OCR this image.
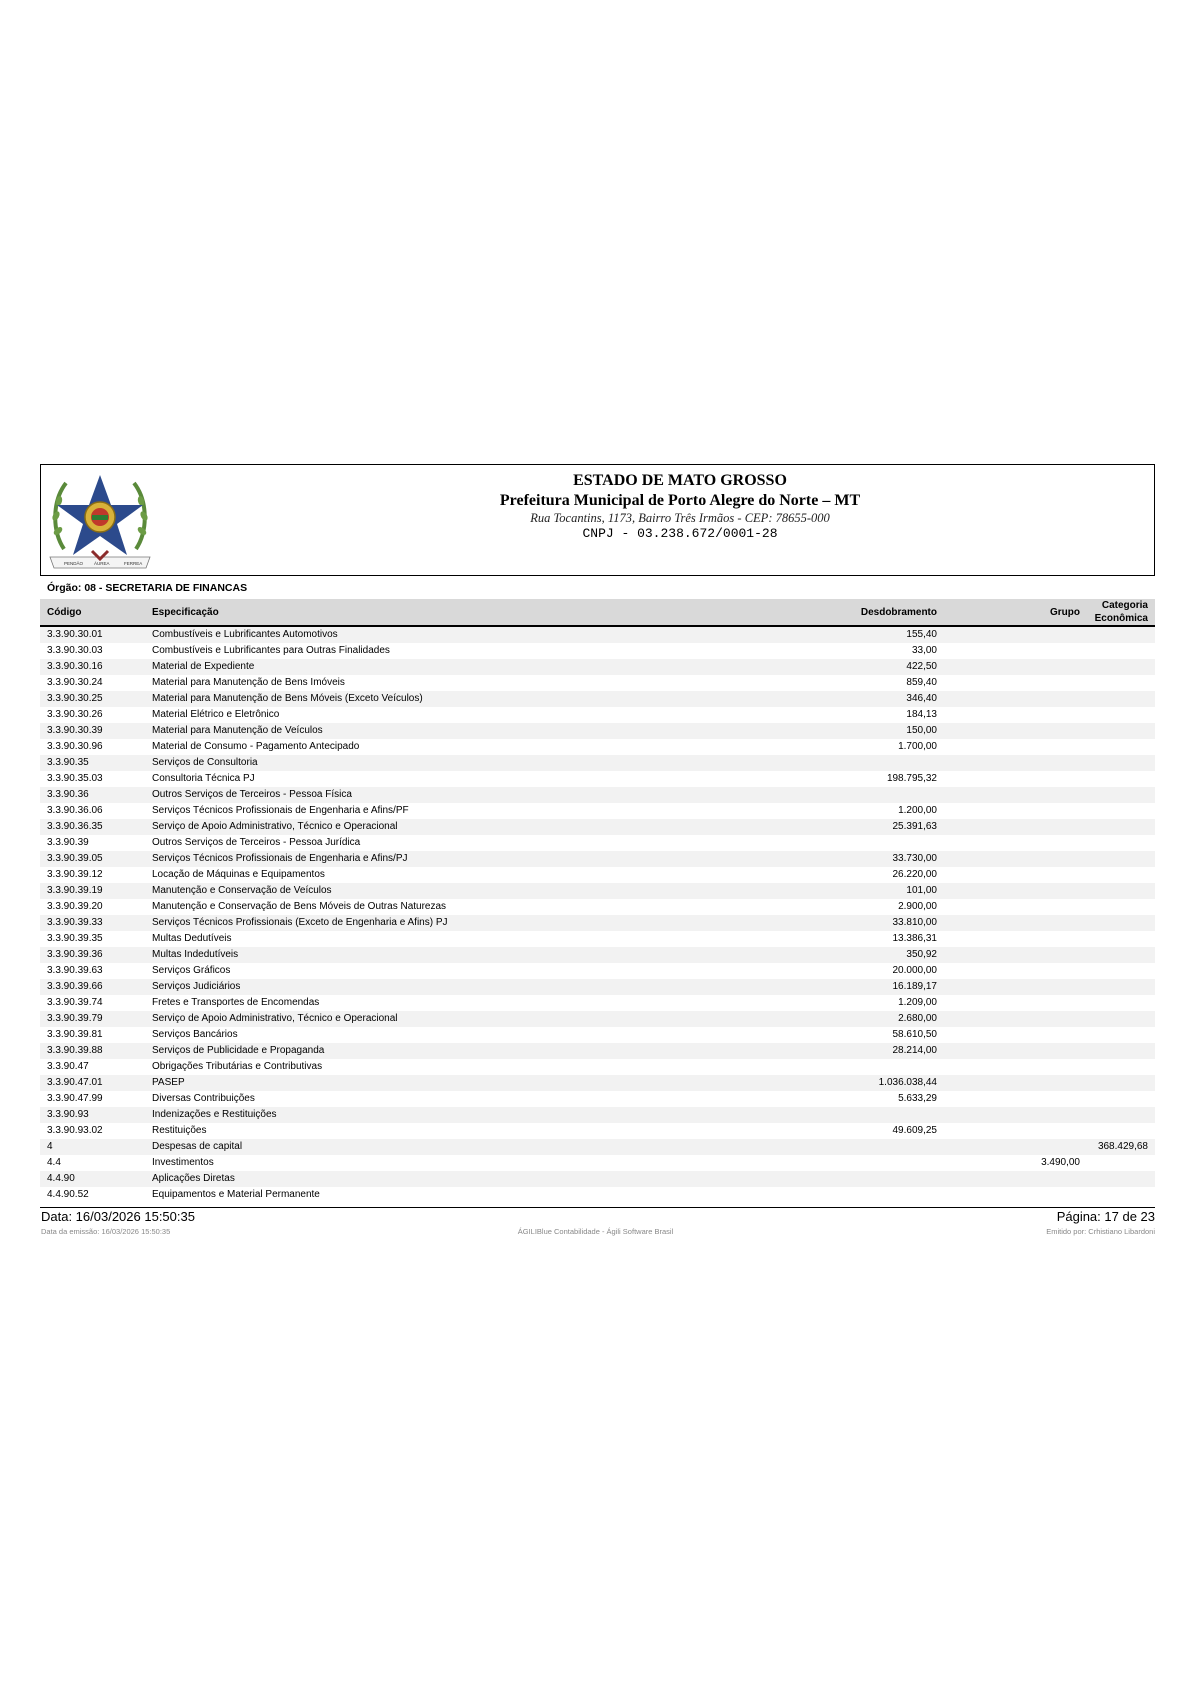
PENDÃO ÁUREA	FERREA
ESTADO DE MATO GROSSO
Prefeitura Municipal de Porto Alegre do Norte – MT
Rua Tocantins, 1173, Bairro Três Irmãos - CEP: 78655-000
CNPJ - 03.238.672/0001-28
Órgão: 08 - SECRETARIA DE FINANCAS
Código	Especificação	Desdobramento	Grupo	Categoria Econômica
3.3.90.30.01	Combustíveis e Lubrificantes Automotivos	155,40		
3.3.90.30.03	Combustíveis e Lubrificantes para Outras Finalidades	33,00		
3.3.90.30.16	Material de Expediente	422,50		
3.3.90.30.24	Material para Manutenção de Bens Imóveis	859,40		
3.3.90.30.25	Material para Manutenção de Bens Móveis (Exceto Veículos)	346,40		
3.3.90.30.26	Material Elétrico e Eletrônico	184,13		
3.3.90.30.39	Material para Manutenção de Veículos	150,00		
3.3.90.30.96	Material de Consumo - Pagamento Antecipado	1.700,00		
3.3.90.35	Serviços de Consultoria			
3.3.90.35.03	Consultoria Técnica PJ	198.795,32		
3.3.90.36	Outros Serviços de Terceiros - Pessoa Física			
3.3.90.36.06	Serviços Técnicos Profissionais de Engenharia e Afins/PF	1.200,00		
3.3.90.36.35	Serviço de Apoio Administrativo, Técnico e Operacional	25.391,63		
3.3.90.39	Outros Serviços de Terceiros - Pessoa Jurídica			
3.3.90.39.05	Serviços Técnicos Profissionais de Engenharia e Afins/PJ	33.730,00		
3.3.90.39.12	Locação de Máquinas e Equipamentos	26.220,00		
3.3.90.39.19	Manutenção e Conservação de Veículos	101,00		
3.3.90.39.20	Manutenção e Conservação de Bens Móveis de Outras Naturezas	2.900,00		
3.3.90.39.33	Serviços Técnicos Profissionais (Exceto de Engenharia e Afins) PJ	33.810,00		
3.3.90.39.35	Multas Dedutíveis	13.386,31		
3.3.90.39.36	Multas Indedutíveis	350,92		
3.3.90.39.63	Serviços Gráficos	20.000,00		
3.3.90.39.66	Serviços Judiciários	16.189,17		
3.3.90.39.74	Fretes e Transportes de Encomendas	1.209,00		
3.3.90.39.79	Serviço de Apoio Administrativo, Técnico e Operacional	2.680,00		
3.3.90.39.81	Serviços Bancários	58.610,50		
3.3.90.39.88	Serviços de Publicidade e Propaganda	28.214,00		
3.3.90.47	Obrigações Tributárias e Contributivas			
3.3.90.47.01	PASEP	1.036.038,44		
3.3.90.47.99	Diversas Contribuições	5.633,29		
3.3.90.93	Indenizações e Restituições			
3.3.90.93.02	Restituições	49.609,25		
4	Despesas de capital			368.429,68
4.4	Investimentos		3.490,00	
4.4.90	Aplicações Diretas			
4.4.90.52	Equipamentos e Material Permanente			
Data: 16/03/2026 15:50:35	Página: 17 de 23
Data da emissão: 16/03/2026 15:50:35	ÁGILIBlue Contabilidade - Ágili Software Brasil	Emitido por: Crhistiano Libardoni
